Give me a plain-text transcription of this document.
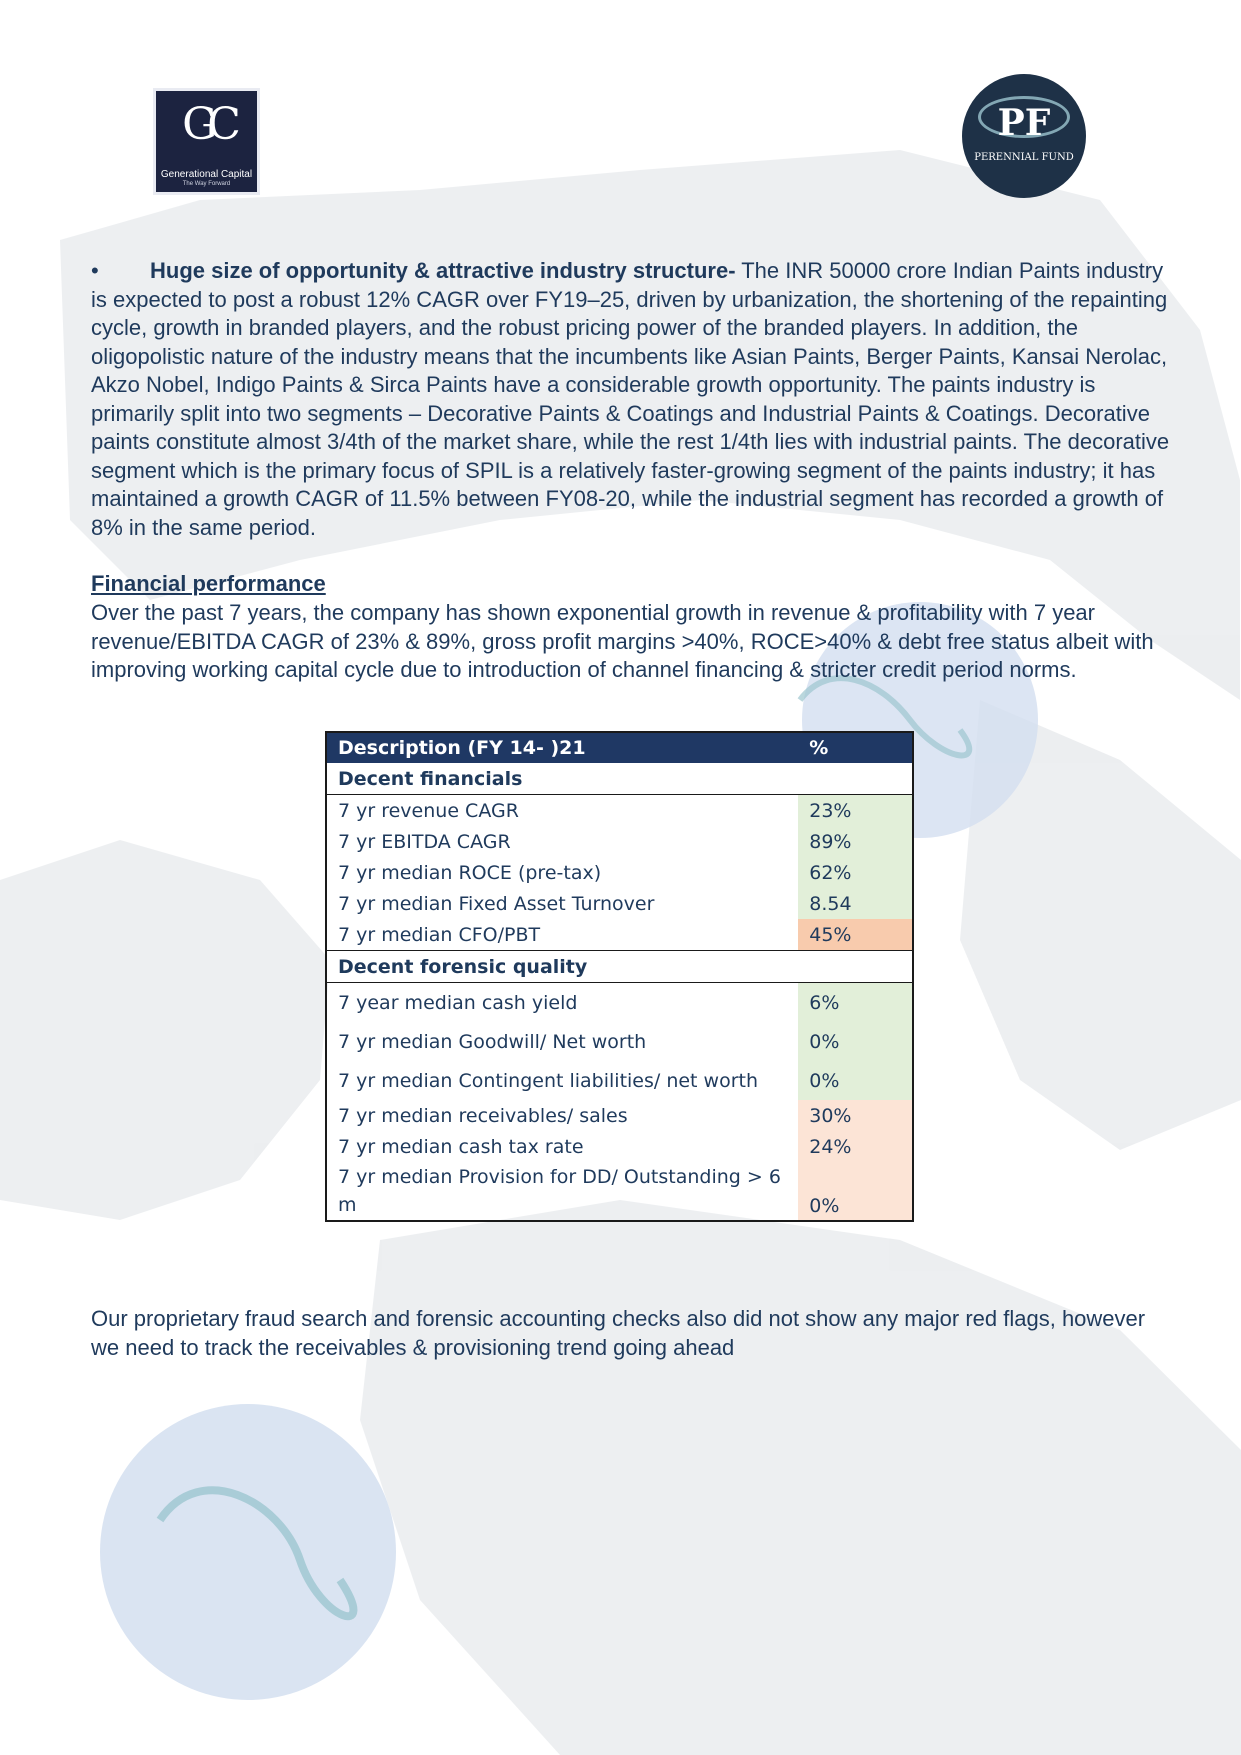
GC
Generational Capital
The Way Forward
PF
PERENNIAL FUND
• Huge size of opportunity & attractive industry structure- The INR 50000 crore Indian Paints industry is expected to post a robust 12% CAGR over FY19–25, driven by urbanization, the shortening of the repainting cycle, growth in branded players, and the robust pricing power of the branded players. In addition, the oligopolistic nature of the industry means that the incumbents like Asian Paints, Berger Paints, Kansai Nerolac, Akzo Nobel, Indigo Paints & Sirca Paints have a considerable growth opportunity. The paints industry is primarily split into two segments – Decorative Paints & Coatings and Industrial Paints & Coatings. Decorative paints constitute almost 3/4th of the market share, while the rest 1/4th lies with industrial paints. The decorative segment which is the primary focus of SPIL is a relatively faster-growing segment of the paints industry; it has maintained a growth CAGR of 11.5% between FY08-20, while the industrial segment has recorded a growth of 8% in the same period.
Financial performance
Over the past 7 years, the company has shown exponential growth in revenue & profitability with 7 year revenue/EBITDA CAGR of 23% & 89%, gross profit margins >40%, ROCE>40% & debt free status albeit with improving working capital cycle due to introduction of channel financing & stricter credit period norms.
Description (FY 14- )21	%
Decent financials	
7 yr revenue CAGR	23%
7 yr EBITDA CAGR	89%
7 yr median ROCE (pre-tax)	62%
7 yr median Fixed Asset Turnover	8.54
7 yr median CFO/PBT	45%
Decent forensic quality	
7 year median cash yield	6%
7 yr median Goodwill/ Net worth	0%
7 yr median Contingent liabilities/ net worth	0%
7 yr median receivables/ sales	30%
7 yr median cash tax rate	24%
7 yr median Provision for DD/ Outstanding > 6 m	0%
Our proprietary fraud search and forensic accounting checks also did not show any major red flags, however we need to track the receivables & provisioning trend going ahead
